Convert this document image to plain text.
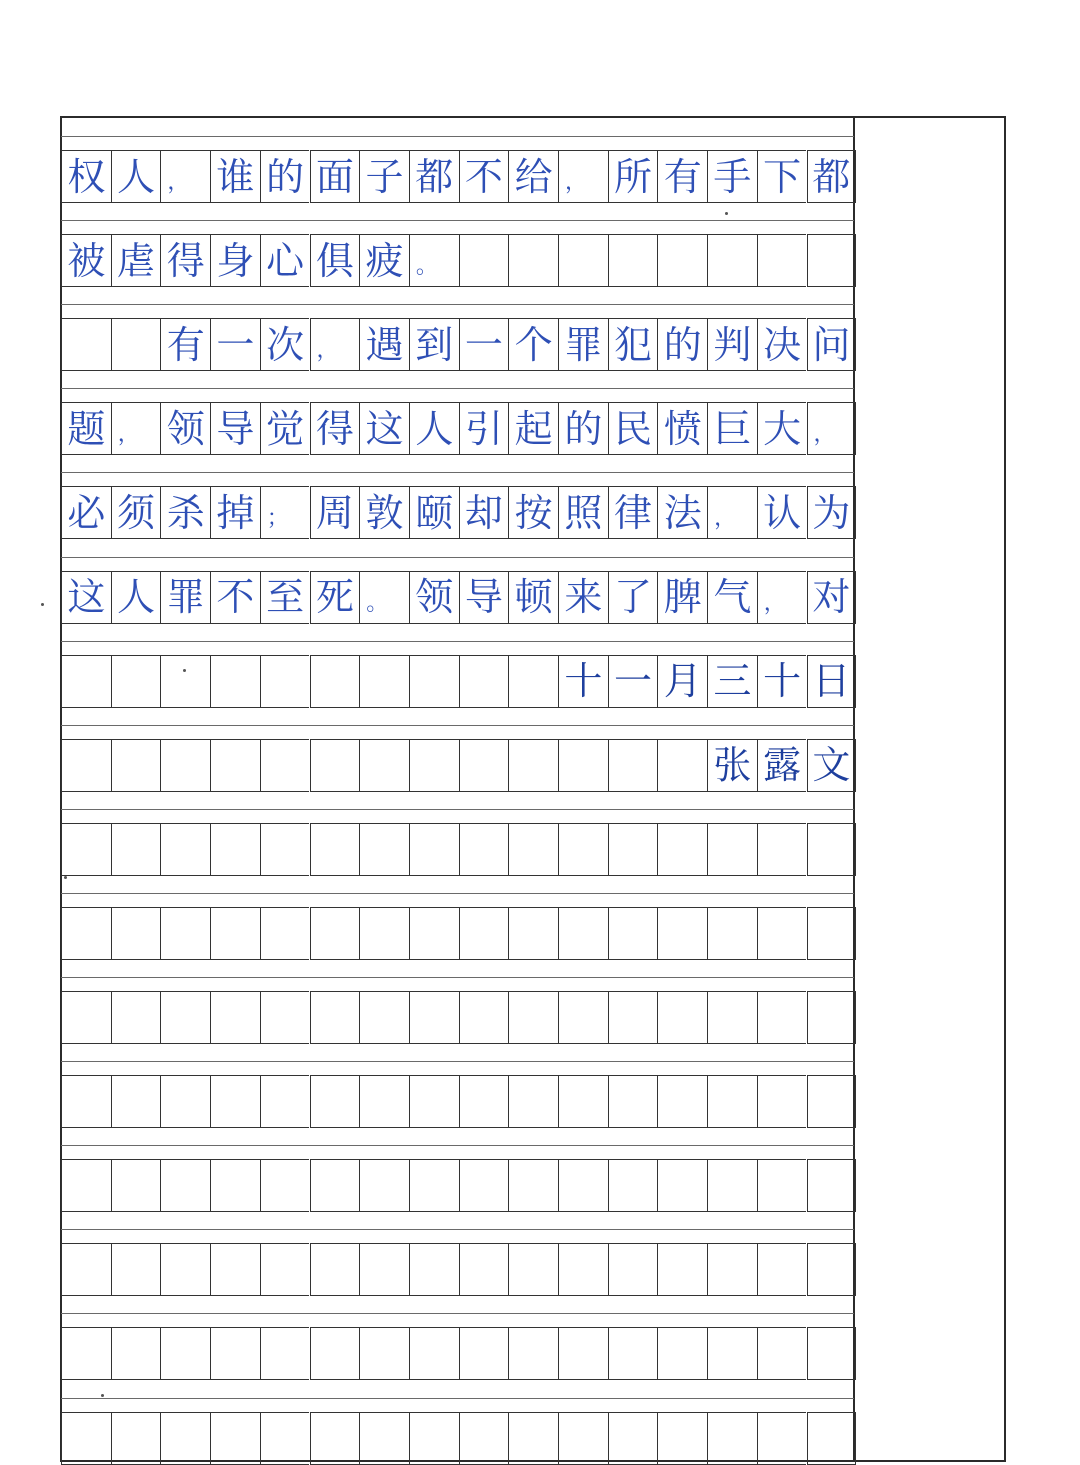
权 人 ， 谁 的 面 子 都 不 给 ， 所 有 手 下 都
被 虐 得 身 心 俱 疲 。
有 一 次 ， 遇 到 一 个 罪 犯 的 判 决 问
题 ， 领 导 觉 得 这 人 引 起 的 民 愤 巨 大 ，
必 须 杀 掉 ； 周 敦 颐 却 按 照 律 法 ， 认 为
这 人 罪 不 至 死 。 领 导 顿 来 了 脾 气 ， 对
十 一 月 三 十 日
张 露 文
